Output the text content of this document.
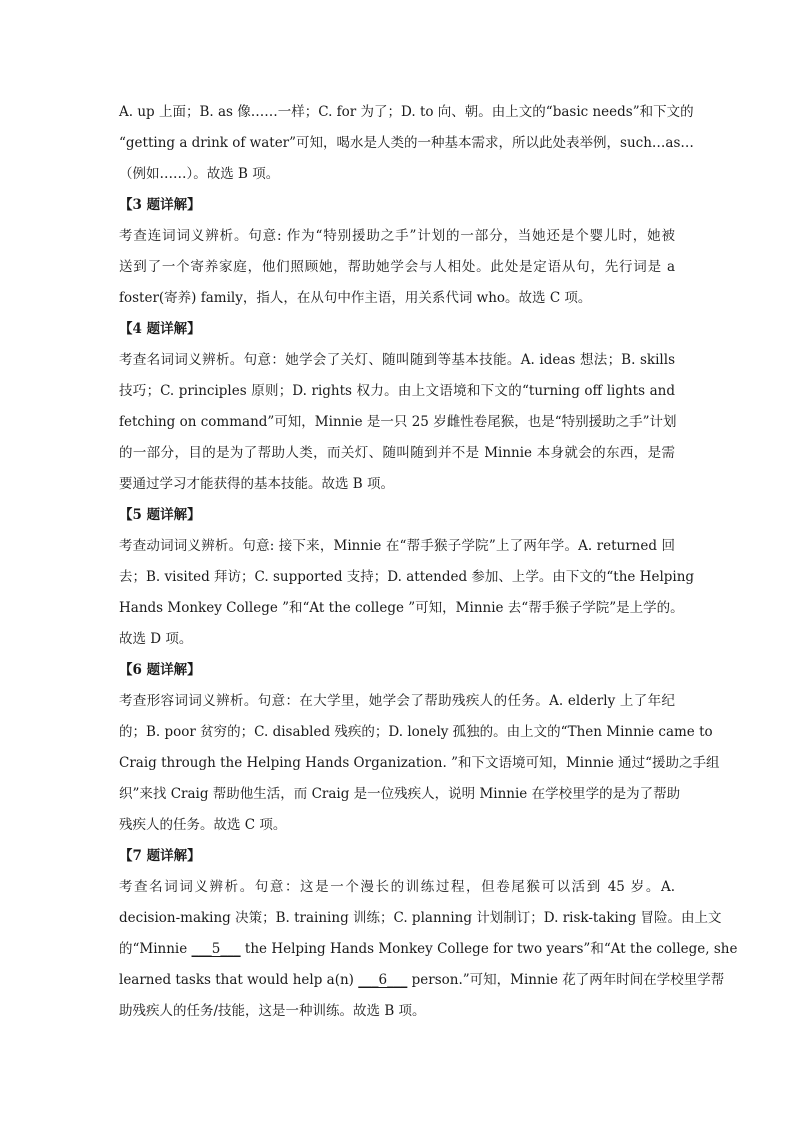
A. up 上面；B. as 像……一样；C. for 为了；D. to 向、朝。由上文的“basic needs”和下文的
“getting a drink of water”可知，喝水是人类的一种基本需求，所以此处表举例，such…as…
（例如……）。故选 B 项。
【3 题详解】
考查连词词义辨析。句意: 作为“特别援助之手”计划的一部分，当她还是个婴儿时，她被
送到了一个寄养家庭，他们照顾她，帮助她学会与人相处。此处是定语从句，先行词是 a
foster(寄养) family，指人，在从句中作主语，用关系代词 who。故选 C 项。
【4 题详解】
考查名词词义辨析。句意：她学会了关灯、随叫随到等基本技能。A. ideas 想法；B. skills
技巧；C. principles 原则；D. rights 权力。由上文语境和下文的“turning off lights and
fetching on command”可知，Minnie 是一只 25 岁雌性卷尾猴，也是“特别援助之手”计划
的一部分，目的是为了帮助人类，而关灯、随叫随到并不是 Minnie 本身就会的东西，是需
要通过学习才能获得的基本技能。故选 B 项。
【5 题详解】
考查动词词义辨析。句意: 接下来，Minnie 在“帮手猴子学院”上了两年学。A. returned 回
去；B. visited 拜访；C. supported 支持；D. attended 参加、上学。由下文的“the Helping
Hands Monkey College ”和“At the college ”可知，Minnie 去“帮手猴子学院”是上学的。
故选 D 项。
【6 题详解】
考查形容词词义辨析。句意：在大学里，她学会了帮助残疾人的任务。A. elderly 上了年纪
的；B. poor 贫穷的；C. disabled 残疾的；D. lonely 孤独的。由上文的“Then Minnie came to
Craig through the Helping Hands Organization. ”和下文语境可知，Minnie 通过“援助之手组
织”来找 Craig 帮助他生活，而 Craig 是一位残疾人，说明 Minnie 在学校里学的是为了帮助
残疾人的任务。故选 C 项。
【7 题详解】
考查名词词义辨析。句意：这是一个漫长的训练过程，但卷尾猴可以活到 45 岁。A.
decision-making 决策；B. training 训练；C. planning 计划制订；D. risk-taking 冒险。由上文
的“Minnie ___5___ the Helping Hands Monkey College for two years”和“At the college, she
learned tasks that would help a(n) ___6___ person.”可知，Minnie 花了两年时间在学校里学帮
助残疾人的任务/技能，这是一种训练。故选 B 项。
